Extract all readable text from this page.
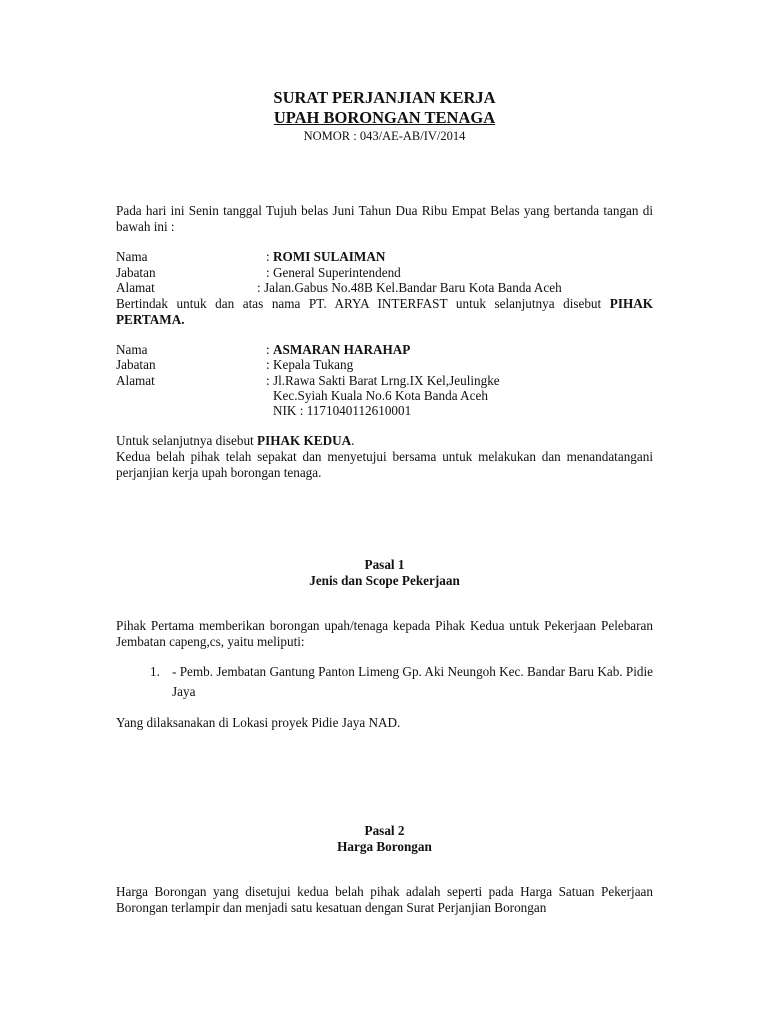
SURAT PERJANJIAN KERJA
UPAH BORONGAN TENAGA
NOMOR : 043/AE-AB/IV/2014
Pada hari ini Senin tanggal Tujuh belas Juni Tahun Dua Ribu Empat Belas yang bertanda tangan di bawah ini :
Nama	: ROMI SULAIMAN
Jabatan	: General Superintendend
Alamat	: Jalan.Gabus No.48B Kel.Bandar Baru Kota Banda Aceh
Bertindak untuk dan atas nama PT. ARYA INTERFAST untuk selanjutnya disebut PIHAK PERTAMA.
Nama	: ASMARAN HARAHAP
Jabatan	: Kepala Tukang
Alamat	: Jl.Rawa Sakti Barat Lrng.IX Kel,Jeulingke
Kec.Syiah Kuala No.6 Kota Banda Aceh
NIK : 1171040112610001
Untuk selanjutnya disebut PIHAK KEDUA.
Kedua belah pihak telah sepakat dan menyetujui bersama untuk melakukan dan menandatangani perjanjian kerja upah borongan tenaga.
Pasal 1
Jenis dan Scope Pekerjaan
Pihak Pertama memberikan borongan upah/tenaga kepada Pihak Kedua untuk Pekerjaan Pelebaran Jembatan capeng,cs, yaitu meliputi:
1. - Pemb. Jembatan Gantung Panton Limeng Gp. Aki Neungoh Kec. Bandar Baru Kab. Pidie Jaya
Yang dilaksanakan di Lokasi proyek Pidie Jaya NAD.
Pasal 2
Harga Borongan
Harga Borongan yang disetujui kedua belah pihak adalah seperti pada Harga Satuan Pekerjaan Borongan terlampir dan menjadi satu kesatuan dengan Surat Perjanjian Borongan
